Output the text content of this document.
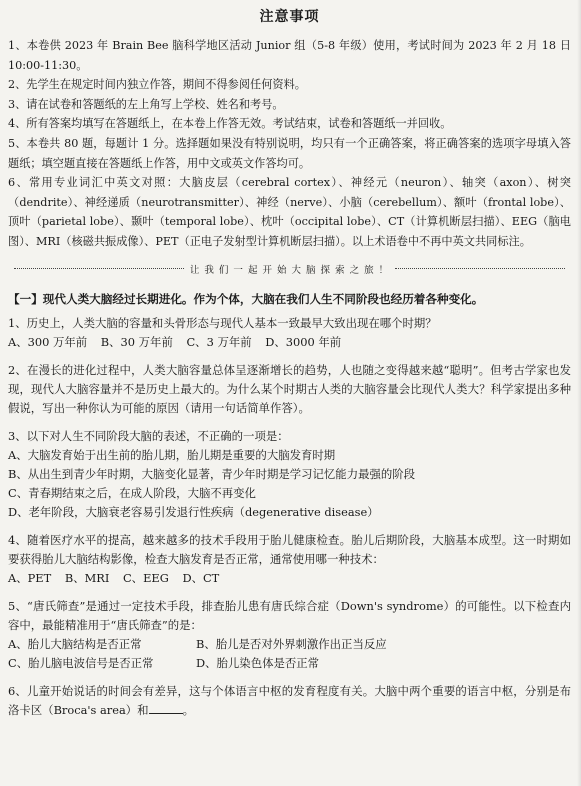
注意事项

1、本卷供 2023 年 Brain Bee 脑科学地区活动 Junior 组（5-8 年级）使用，考试时间为 2023 年 2 月 18 日 10:00-11:30。

2、先学生在规定时间内独立作答，期间不得参阅任何资料。

3、请在试卷和答题纸的左上角写上学校、姓名和考号。

4、所有答案均填写在答题纸上，在本卷上作答无效。考试结束，试卷和答题纸一并回收。

5、本卷共 80 题，每题计 1 分。选择题如果没有特别说明，均只有一个正确答案，将正确答案的选项字母填入答题纸；填空题直接在答题纸上作答，用中文或英文作答均可。

6、常用专业词汇中英文对照：大脑皮层（cerebral cortex）、神经元（neuron）、轴突（axon）、树突（dendrite）、神经递质（neurotransmitter）、神经（nerve）、小脑（cerebellum）、额叶（frontal lobe）、顶叶（parietal lobe）、颞叶（temporal lobe）、枕叶（occipital lobe）、CT（计算机断层扫描）、EEG（脑电图）、MRI（核磁共振成像）、PET（正电子发射型计算机断层扫描）。以上术语卷中不再中英文共同标注。

让 我 们 一 起 开 始 大 脑 探 索 之 旅 ！
【一】现代人类大脑经过长期进化。作为个体，大脑在我们人生不同阶段也经历着各种变化。

1、历史上，人类大脑的容量和头骨形态与现代人基本一致最早大致出现在哪个时期？

A、300 万年前 B、30 万年前 C、3 万年前 D、3000 年前

2、在漫长的进化过程中，人类大脑容量总体呈逐渐增长的趋势，人也随之变得越来越“聪明”。但考古学家也发现，现代人大脑容量并不是历史上最大的。为什么某个时期古人类的大脑容量会比现代人类大？科学家提出多种假说，写出一种你认为可能的原因（请用一句话简单作答）。

3、以下对人生不同阶段大脑的表述，不正确的一项是：

A、大脑发育始于出生前的胎儿期，胎儿期是重要的大脑发育时期

B、从出生到青少年时期，大脑变化显著，青少年时期是学习记忆能力最强的阶段

C、青春期结束之后，在成人阶段，大脑不再变化

D、老年阶段，大脑衰老容易引发退行性疾病（degenerative disease）

4、随着医疗水平的提高，越来越多的技术手段用于胎儿健康检查。胎儿后期阶段，大脑基本成型。这一时期如要获得胎儿大脑结构影像，检查大脑发育是否正常，通常使用哪一种技术：

A、PET B、MRI C、EEG D、CT

5、“唐氏筛查”是通过一定技术手段，排查胎儿患有唐氏综合症（Down's syndrome）的可能性。以下检查内容中，最能精准用于“唐氏筛查”的是：

A、胎儿大脑结构是否正常	B、胎儿是否对外界刺激作出正当反应
C、胎儿脑电波信号是否正常	D、胎儿染色体是否正常

6、儿童开始说话的时间会有差异，这与个体语言中枢的发育程度有关。大脑中两个重要的语言中枢，分别是布洛卡区（Broca's area）和	。
